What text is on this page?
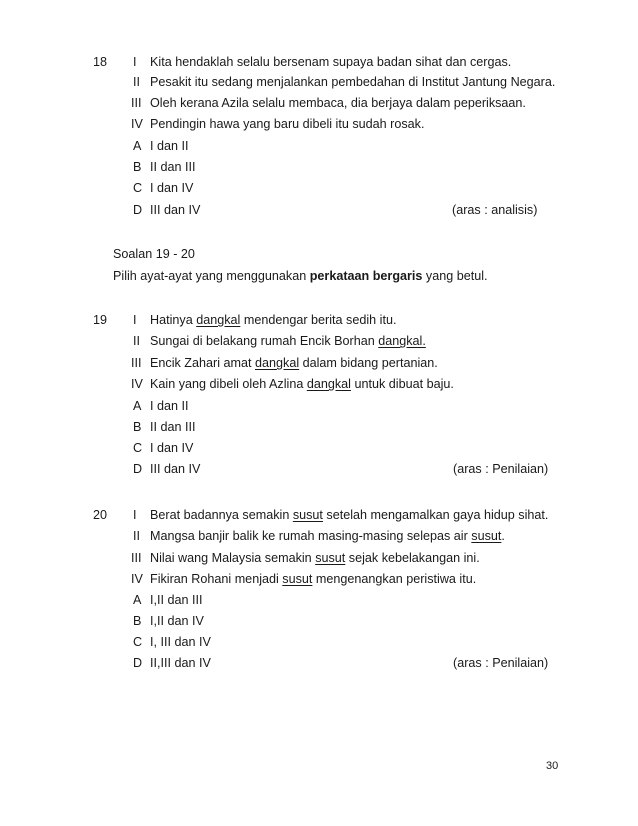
18 I Kita hendaklah selalu bersenam supaya badan sihat dan cergas.
II Pesakit itu sedang menjalankan pembedahan di Institut Jantung Negara.
III Oleh kerana Azila selalu membaca, dia berjaya dalam peperiksaan.
IV Pendingin hawa yang baru dibeli itu sudah rosak.
A I dan II
B II dan III
C I dan IV
D III dan IV	(aras : analisis)
Soalan 19 - 20
Pilih ayat-ayat yang menggunakan perkataan bergaris yang betul.
19 I Hatinya dangkal mendengar berita sedih itu.
II Sungai di belakang rumah Encik Borhan dangkal.
III Encik Zahari amat dangkal dalam bidang pertanian.
IV Kain yang dibeli oleh Azlina dangkal untuk dibuat baju.
A I dan II
B II dan III
C I dan IV
D III dan IV	(aras : Penilaian)
20 I Berat badannya semakin susut setelah mengamalkan gaya hidup sihat.
II Mangsa banjir balik ke rumah masing-masing selepas air susut.
III Nilai wang Malaysia semakin susut sejak kebelakangan ini.
IV Fikiran Rohani menjadi susut mengenangkan peristiwa itu.
A I,II dan III
B I,II dan IV
C I, III dan IV
D II,III dan IV	(aras : Penilaian)
30
